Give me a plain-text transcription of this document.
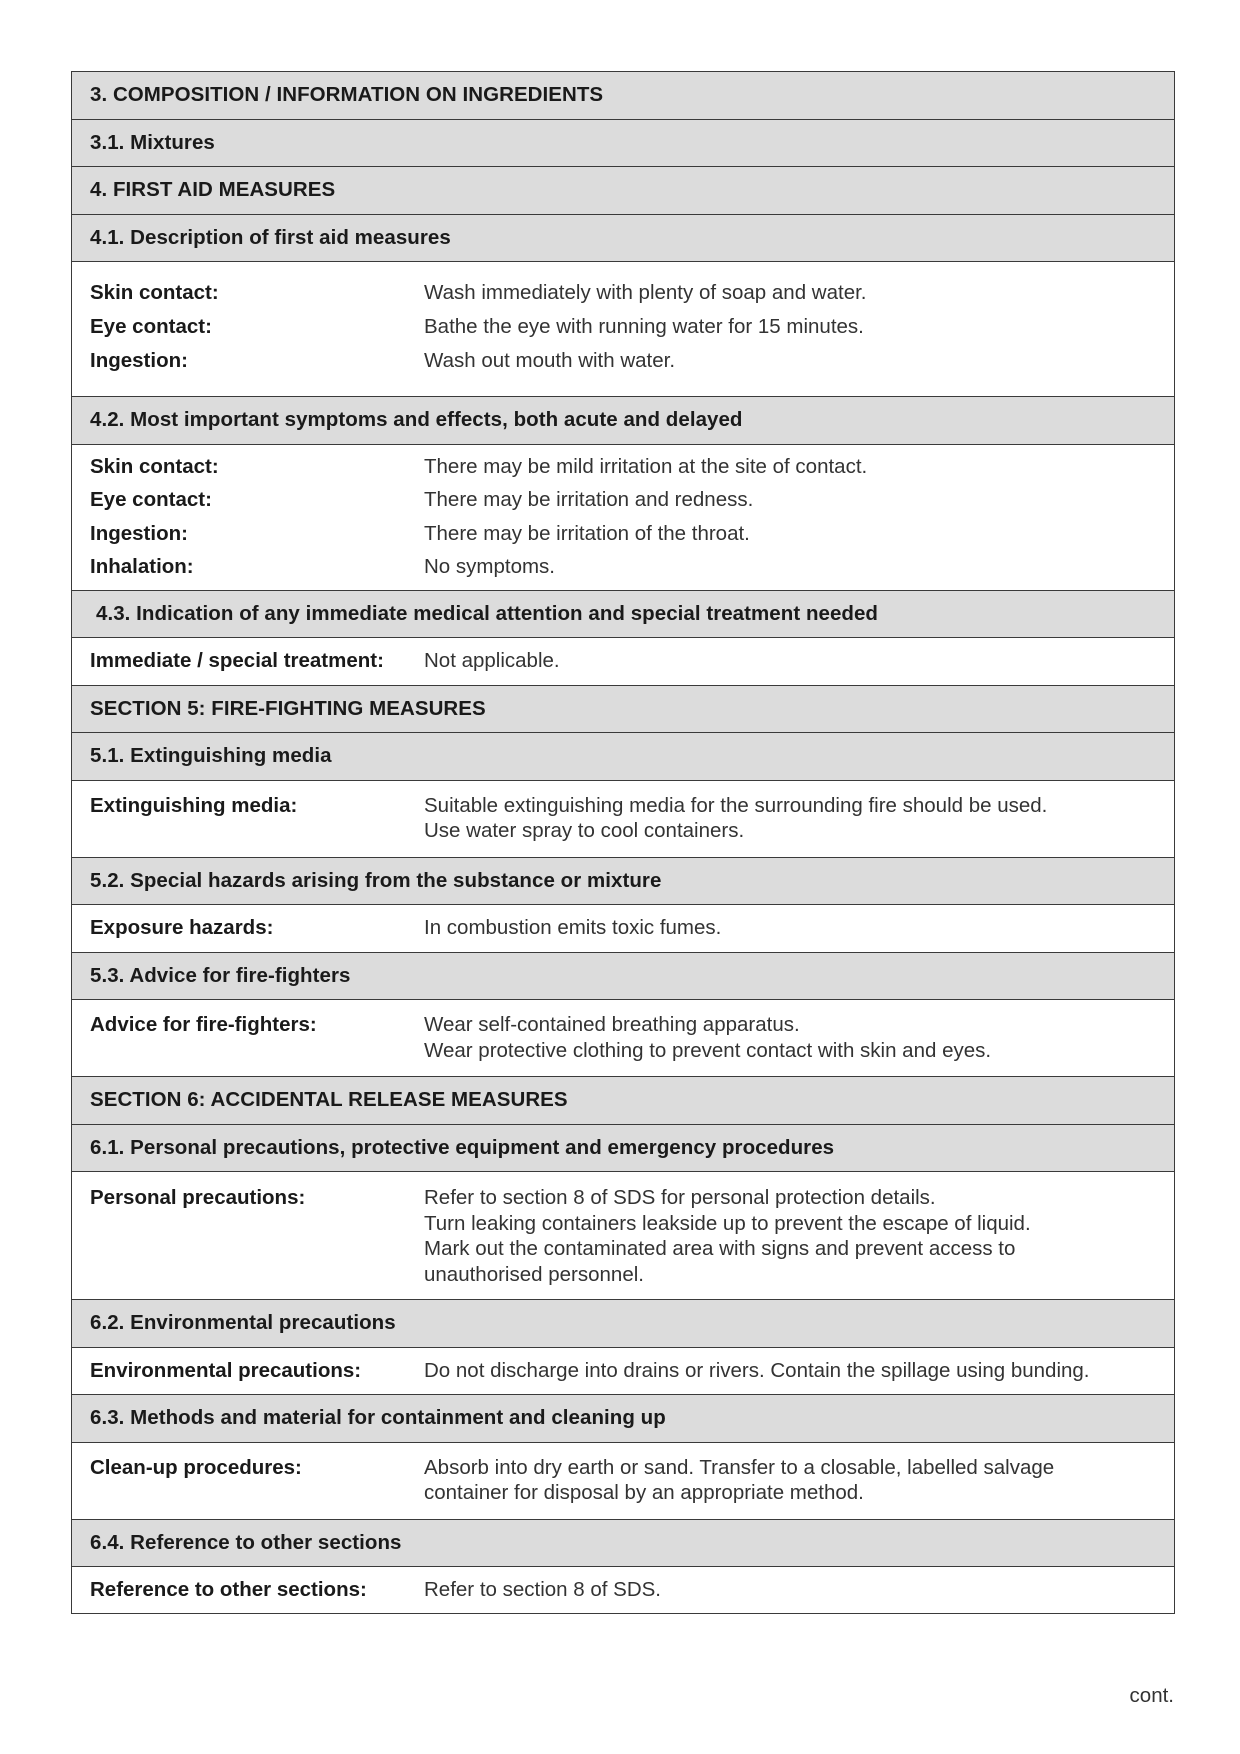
3. COMPOSITION / INFORMATION ON INGREDIENTS
3.1. Mixtures
4. FIRST AID MEASURES
4.1. Description of first aid measures
Skin contact:	Wash immediately with plenty of soap and water.
Eye contact:	Bathe the eye with running water for 15 minutes.
Ingestion:	Wash out mouth with water.
4.2. Most important symptoms and effects, both acute and delayed
Skin contact:	There may be mild irritation at the site of contact.
Eye contact:	There may be irritation and redness.
Ingestion:	There may be irritation of the throat.
Inhalation:	No symptoms.
4.3. Indication of any immediate medical attention and special treatment needed
Immediate / special treatment:	Not applicable.
SECTION 5: FIRE-FIGHTING MEASURES
5.1. Extinguishing media
Extinguishing media:	Suitable extinguishing media for the surrounding fire should be used.
Use water spray to cool containers.
5.2. Special hazards arising from the substance or mixture
Exposure hazards:	In combustion emits toxic fumes.
5.3. Advice for fire-fighters
Advice for fire-fighters:	Wear self-contained breathing apparatus.
Wear protective clothing to prevent contact with skin and eyes.
SECTION 6: ACCIDENTAL RELEASE MEASURES
6.1. Personal precautions, protective equipment and emergency procedures
Personal precautions:	Refer to section 8 of SDS for personal protection details.
Turn leaking containers leakside up to prevent the escape of liquid.
Mark out the contaminated area with signs and prevent access to
unauthorised personnel.
6.2. Environmental precautions
Environmental precautions:	Do not discharge into drains or rivers. Contain the spillage using bunding.
6.3. Methods and material for containment and cleaning up
Clean-up procedures:	Absorb into dry earth or sand. Transfer to a closable, labelled salvage
container for disposal by an appropriate method.
6.4. Reference to other sections
Reference to other sections:	Refer to section 8 of SDS.
cont.
